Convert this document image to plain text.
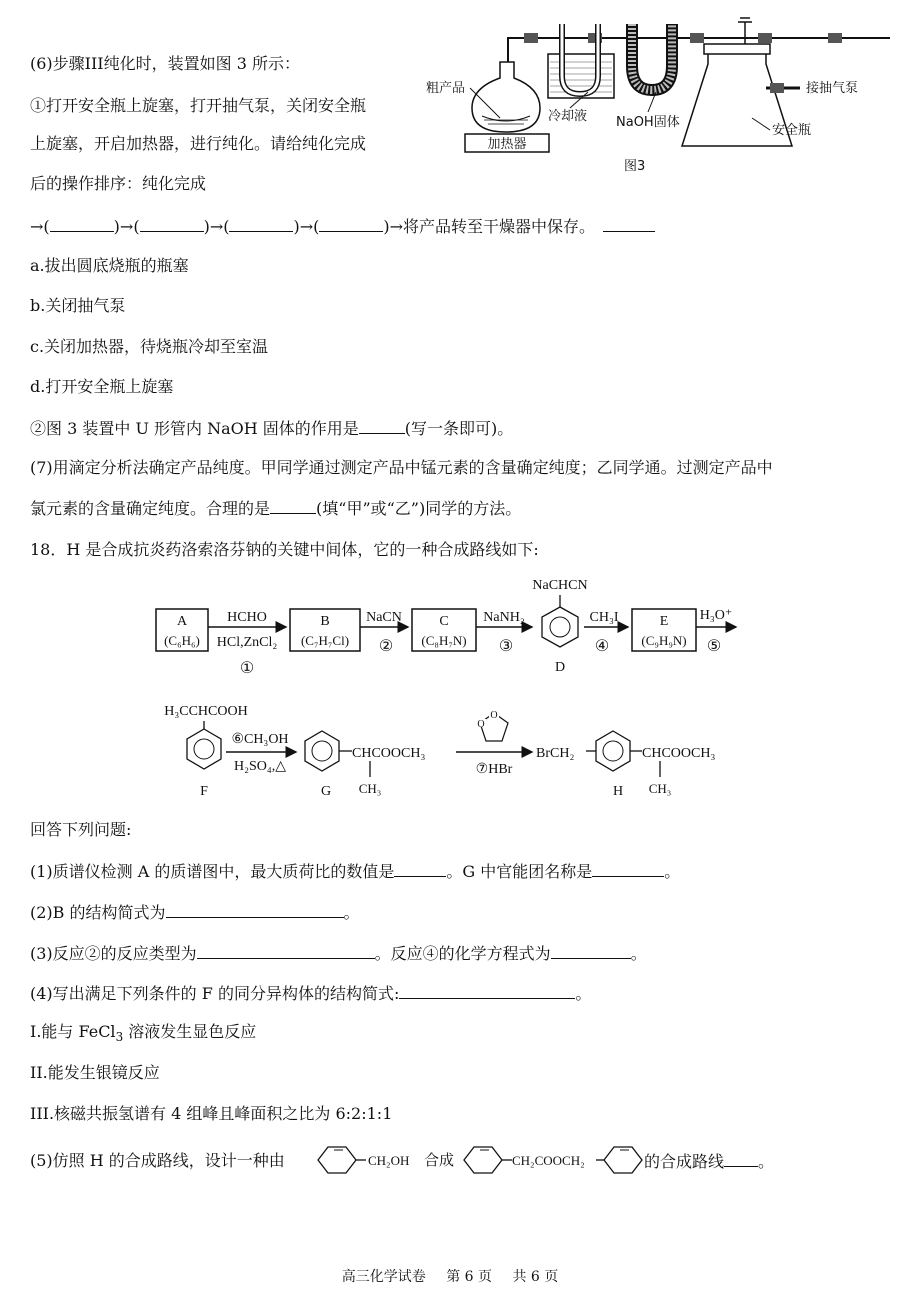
(6)步骤III纯化时，装置如图 3 所示：
①打开安全瓶上旋塞，打开抽气泵，关闭安全瓶
上旋塞，开启加热器，进行纯化。请给纯化完成
后的操作排序：纯化完成
→(	)→(	)→(	)→(	)→将产品转至干燥器中保存。
a.拔出圆底烧瓶的瓶塞
b.关闭抽气泵
c.关闭加热器，待烧瓶冷却至室温
d.打开安全瓶上旋塞
②图 3 装置中 U 形管内 NaOH 固体的作用是	(写一条即可)。
(7)用滴定分析法确定产品纯度。甲同学通过测定产品中锰元素的含量确定纯度；乙同学通。过测定产品中
氯元素的含量确定纯度。合理的是	(填“甲”或“乙”)同学的方法。
18．H 是合成抗炎药洛索洛芬钠的关键中间体，它的一种合成路线如下:
加热器
粗产品
冷却液 NaOH固体
接抽气泵
安全瓶
图3
A
(C₆H₆)
HCHO
HCl,ZnCl₂
①
B
(C₇H₇Cl)
NaCN
②
C
(C₈H₇N)
NaNH₂
③
NaCHCN
D
CH₃I
④
E
(C₉H₉N)
H₃O⁺
⑤
H₃CCHCOOH
F
⑥CH₃OH
H₂SO₄,△
CHCOOCH₃
CH₃
G
O
O
⑦HBr
BrCH₂	CHCOOCH₃
CH₃
H
回答下列问题:
(1)质谱仪检测 A 的质谱图中，最大质荷比的数值是	。G 中官能团名称是	。
(2)B 的结构简式为	。
(3)反应②的反应类型为	。反应④的化学方程式为	。
(4)写出满足下列条件的 F 的同分异构体的结构简式:	。
I.能与 FeCl$_3$ 溶液发生显色反应
II.能发生银镜反应
III.核磁共振氢谱有 4 组峰且峰面积之比为 6:2:1:1
(5)仿照 H 的合成路线，设计一种由	CH₂OH 合成	CH₂COOCH₂	的合成路线 。
高三化学试卷 第 6 页 共 6 页
